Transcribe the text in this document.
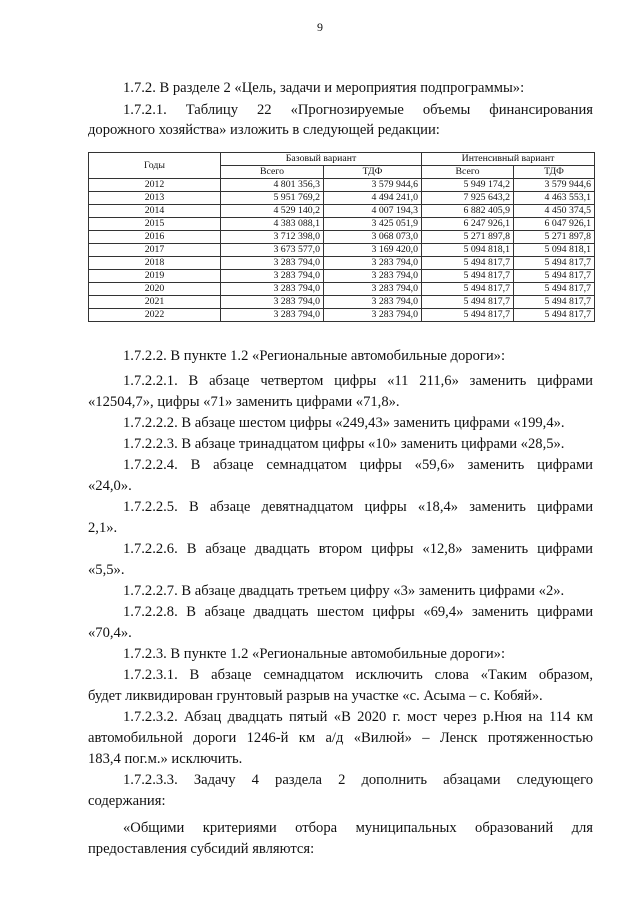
9

1.7.2. В разделе 2 «Цель, задачи и мероприятия подпрограммы»:

1.7.2.1. Таблицу 22 «Прогнозируемые объемы финансирования

дорожного хозяйства» изложить в следующей редакции:

Годы	Базовый вариант		Интенсивный вариант	
	Всего	ТДФ	Всего	ТДФ
2012	4 801 356,3	3 579 944,6	5 949 174,2	3 579 944,6
2013	5 951 769,2	4 494 241,0	7 925 643,2	4 463 553,1
2014	4 529 140,2	4 007 194,3	6 882 405,9	4 450 374,5
2015	4 383 088,1	3 425 051,9	6 247 926,1	6 047 926,1
2016	3 712 398,0	3 068 073,0	5 271 897,8	5 271 897,8
2017	3 673 577,0	3 169 420,0	5 094 818,1	5 094 818,1
2018	3 283 794,0	3 283 794,0	5 494 817,7	5 494 817,7
2019	3 283 794,0	3 283 794,0	5 494 817,7	5 494 817,7
2020	3 283 794,0	3 283 794,0	5 494 817,7	5 494 817,7
2021	3 283 794,0	3 283 794,0	5 494 817,7	5 494 817,7
2022	3 283 794,0	3 283 794,0	5 494 817,7	5 494 817,7

1.7.2.2. В пункте 1.2 «Региональные автомобильные дороги»:

1.7.2.2.1. В абзаце четвертом цифры «11 211,6» заменить цифрами

«12504,7», цифры «71» заменить цифрами «71,8».

1.7.2.2.2. В абзаце шестом цифры «249,43» заменить цифрами «199,4».

1.7.2.2.3. В абзаце тринадцатом цифры «10» заменить цифрами «28,5».

1.7.2.2.4. В абзаце семнадцатом цифры «59,6» заменить цифрами

«24,0».

1.7.2.2.5. В абзаце девятнадцатом цифры «18,4» заменить цифрами

2,1».

1.7.2.2.6. В абзаце двадцать втором цифры «12,8» заменить цифрами

«5,5».

1.7.2.2.7. В абзаце двадцать третьем цифру «3» заменить цифрами «2».

1.7.2.2.8. В абзаце двадцать шестом цифры «69,4» заменить цифрами

«70,4».

1.7.2.3. В пункте 1.2 «Региональные автомобильные дороги»:

1.7.2.3.1. В абзаце семнадцатом исключить слова «Таким образом,

будет ликвидирован грунтовый разрыв на участке «с. Асыма – с. Кобяй».

1.7.2.3.2. Абзац двадцать пятый «В 2020 г. мост через р.Нюя на 114 км

автомобильной дороги 1246-й км а/д «Вилюй» – Ленск протяженностью

183,4 пог.м.» исключить.

1.7.2.3.3. Задачу 4 раздела 2 дополнить абзацами следующего

содержания:

«Общими критериями отбора муниципальных образований для

предоставления субсидий являются:
